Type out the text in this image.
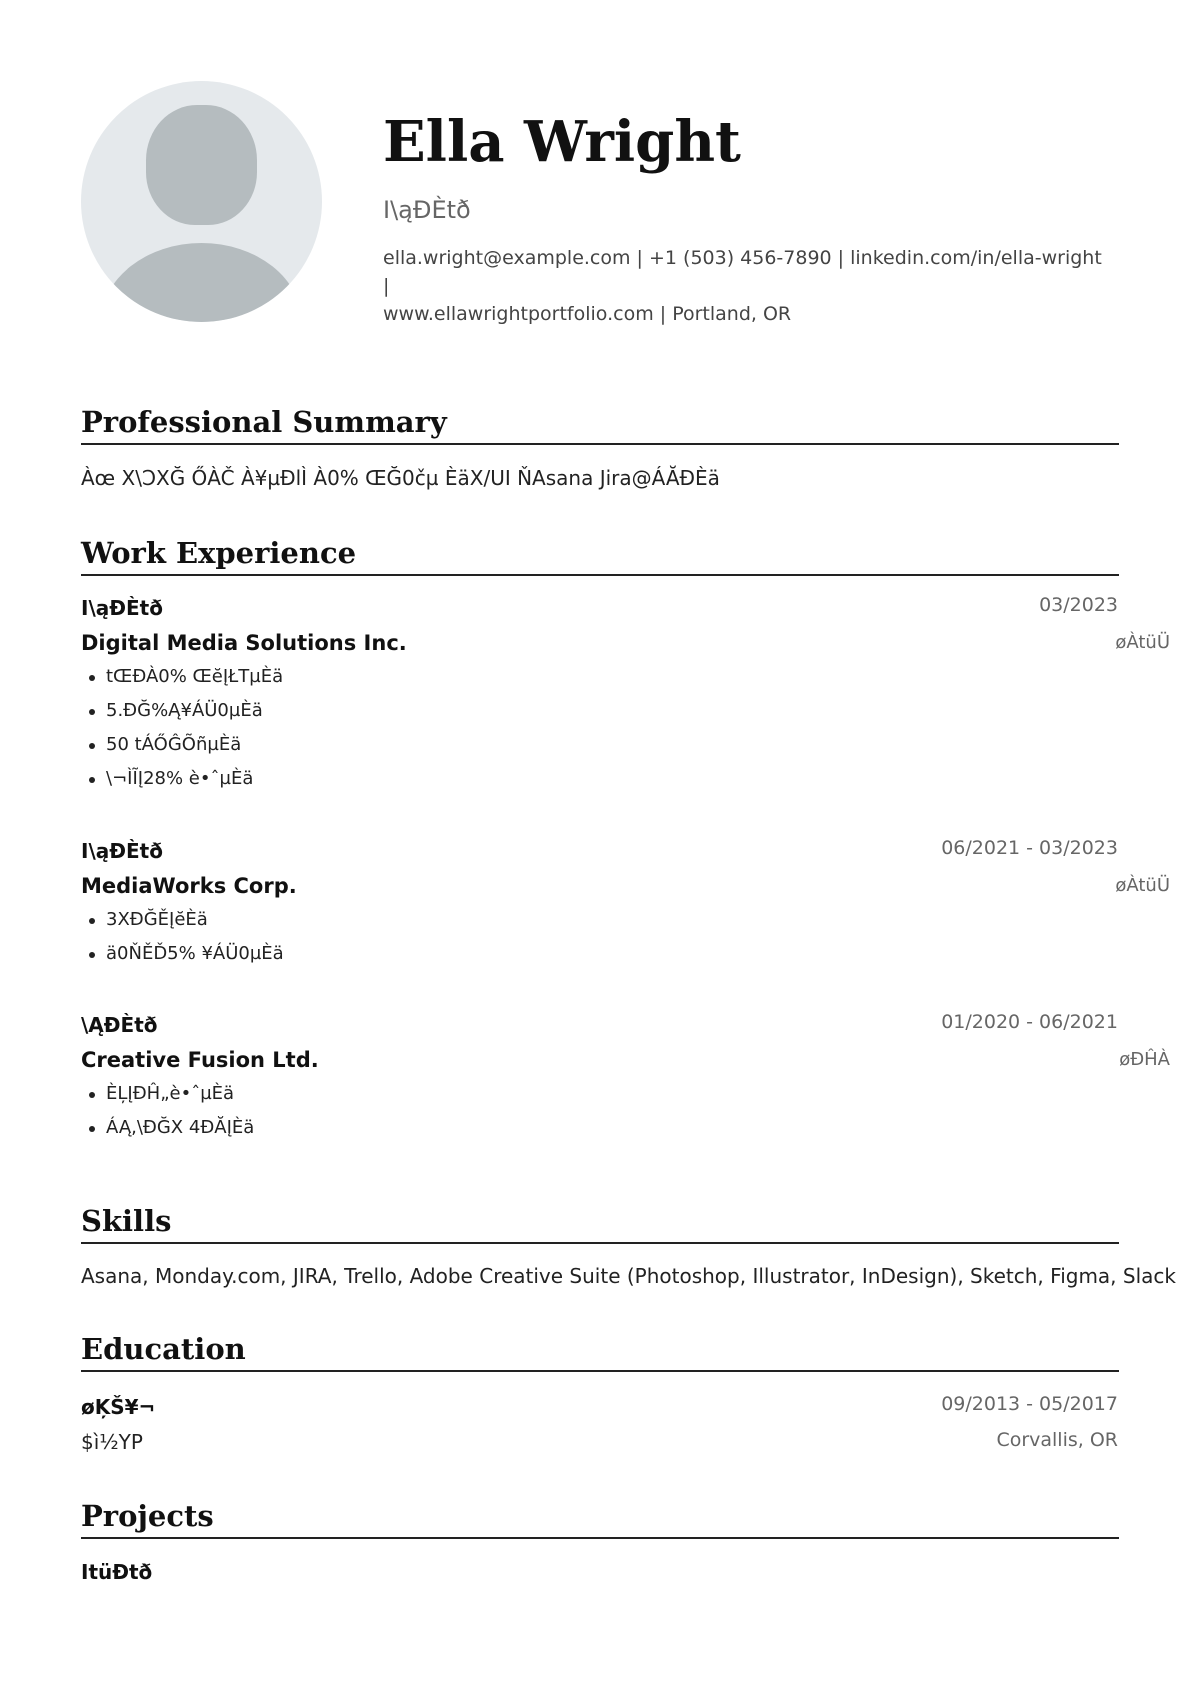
Ella Wright
I\ąĐÈtð
ella.wright@example.com | +1 (503) 456-7890 | linkedin.com/in/ella-wright |
www.ellawrightportfolio.com | Portland, OR
Professional Summary
Àœ X\ƆXĞ ŐÀČ À¥µĐlÌ À0% ŒĞ0čµ ÈäX/UI ŇAsana Jira@ÁĂĐÈä
Work Experience
I\ąĐÈtð	03/2023
Digital Media Solutions Inc.	øÀtüÜ
tŒĐÀ0% ŒĕĮŁTµÈä
5.ĐĞ%Ą¥ÁÜ0µÈä
50 tÁŐĜÕñµÈä
\¬ÌĨĮ28% è•ˆµÈä
I\ąĐÈtð	06/2021 - 03/2023
MediaWorks Corp.	øÀtüÜ
3ХĐĞĚĮĕÈä
ä0ŇĚĎ5% ¥ÁÜ0µÈä
\ĄĐÈtð	01/2020 - 06/2021
Creative Fusion Ltd.	øĐĤÀ
ÈĻĮĐĤ„è•ˆµÈä
ÁĄ,\ĐĞX 4ĐĂĮÈä
Skills
Asana, Monday.com, JIRA, Trello, Adobe Creative Suite (Photoshop, Illustrator, InDesign), Sketch, Figma, Slack
Education
øĶŠ¥¬	09/2013 - 05/2017
$ì½YP	Corvallis, OR
Projects
ItüĐtð
